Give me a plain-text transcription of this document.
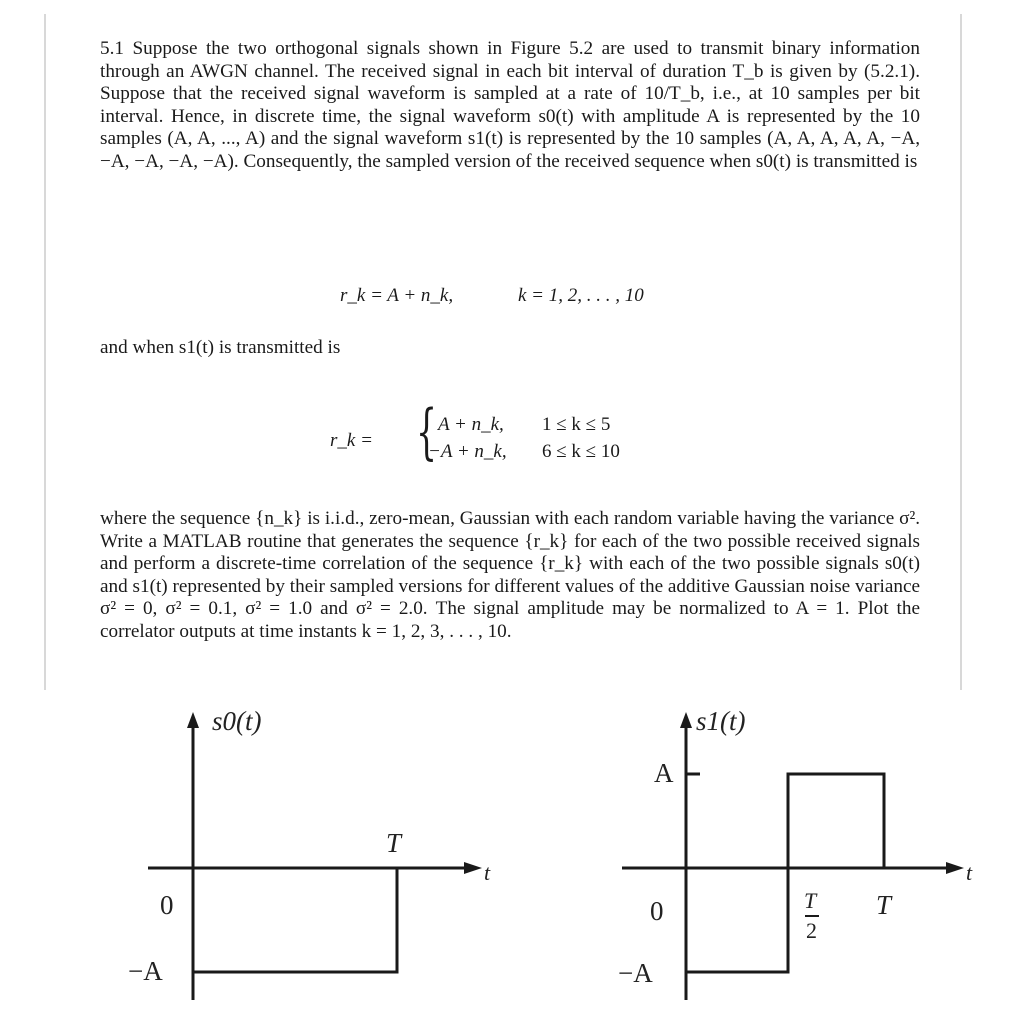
5.1 Suppose the two orthogonal signals shown in Figure 5.2 are used to transmit binary information through an AWGN channel. The received signal in each bit interval of duration T_b is given by (5.2.1). Suppose that the received signal waveform is sampled at a rate of 10/T_b, i.e., at 10 samples per bit interval. Hence, in discrete time, the signal waveform s0(t) with amplitude A is represented by the 10 samples (A, A, ..., A) and the signal waveform s1(t) is represented by the 10 samples (A, A, A, A, A, −A, −A, −A, −A, −A). Consequently, the sampled version of the received sequence when s0(t) is transmitted is

r_k = A + n_k,	k = 1, 2, . . . , 10
and when s1(t) is transmitted is
r_k = { A + n_k, 1 ≤ k ≤ 5
−A + n_k, 6 ≤ k ≤ 10

where the sequence {n_k} is i.i.d., zero-mean, Gaussian with each random variable having the variance σ². Write a MATLAB routine that generates the sequence {r_k} for each of the two possible received signals and perform a discrete-time correlation of the sequence {r_k} with each of the two possible signals s0(t) and s1(t) represented by their sampled versions for different values of the additive Gaussian noise variance σ² = 0, σ² = 0.1, σ² = 1.0 and σ² = 2.0. The signal amplitude may be normalized to A = 1. Plot the correlator outputs at time instants k = 1, 2, 3, . . . , 10.

s0(t)
0
−A
T
t
s1(t)
A
0
−A
T
2
T
t
